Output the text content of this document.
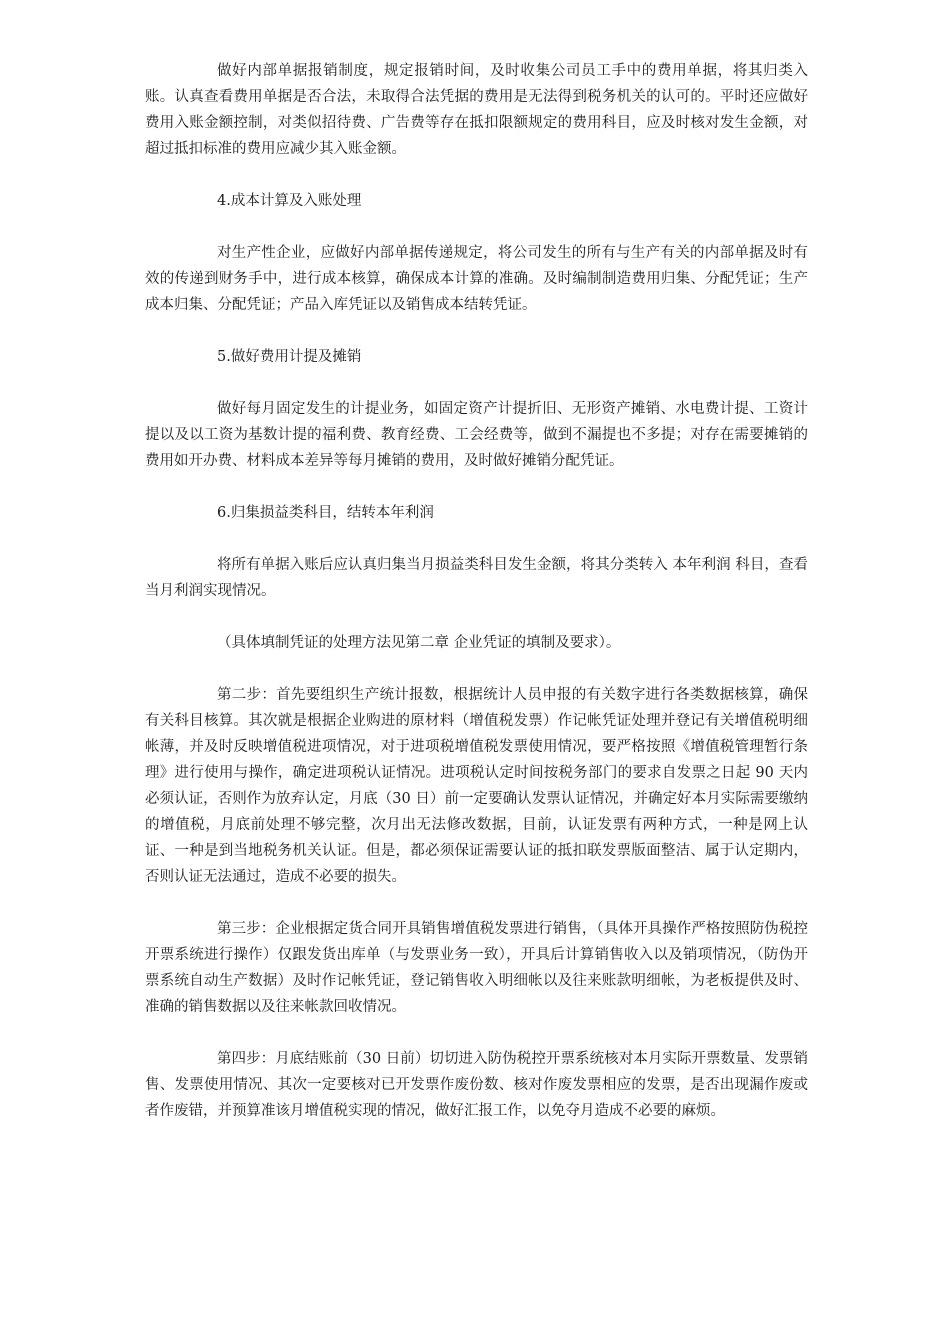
做好内部单据报销制度，规定报销时间，及时收集公司员工手中的费用单据，将其归类入账。认真查看费用单据是否合法，未取得合法凭据的费用是无法得到税务机关的认可的。平时还应做好费用入账金额控制，对类似招待费、广告费等存在抵扣限额规定的费用科目，应及时核对发生金额，对超过抵扣标准的费用应减少其入账金额。

4.成本计算及入账处理

对生产性企业，应做好内部单据传递规定，将公司发生的所有与生产有关的内部单据及时有效的传递到财务手中，进行成本核算，确保成本计算的准确。及时编制制造费用归集、分配凭证；生产成本归集、分配凭证；产品入库凭证以及销售成本结转凭证。

5.做好费用计提及摊销

做好每月固定发生的计提业务，如固定资产计提折旧、无形资产摊销、水电费计提、工资计提以及以工资为基数计提的福利费、教育经费、工会经费等，做到不漏提也不多提；对存在需要摊销的费用如开办费、材料成本差异等每月摊销的费用，及时做好摊销分配凭证。

6.归集损益类科目，结转本年利润

将所有单据入账后应认真归集当月损益类科目发生金额，将其分类转入 本年利润 科目，查看当月利润实现情况。

（具体填制凭证的处理方法见第二章 企业凭证的填制及要求）。

第二步：首先要组织生产统计报数，根据统计人员申报的有关数字进行各类数据核算，确保有关科目核算。其次就是根据企业购进的原材料（增值税发票）作记帐凭证处理并登记有关增值税明细帐薄，并及时反映增值税进项情况，对于进项税增值税发票使用情况，要严格按照《增值税管理暂行条理》进行使用与操作，确定进项税认证情况。进项税认定时间按税务部门的要求自发票之日起 90 天内必须认证，否则作为放弃认定，月底（30 日）前一定要确认发票认证情况，并确定好本月实际需要缴纳的增值税，月底前处理不够完整，次月出无法修改数据，目前，认证发票有两种方式，一种是网上认证、一种是到当地税务机关认证。但是，都必须保证需要认证的抵扣联发票版面整洁、属于认定期内，否则认证无法通过，造成不必要的损失。

第三步：企业根据定货合同开具销售增值税发票进行销售，（具体开具操作严格按照防伪税控开票系统进行操作）仅跟发货出库单（与发票业务一致），开具后计算销售收入以及销项情况，（防伪开票系统自动生产数据）及时作记帐凭证，登记销售收入明细帐以及往来账款明细帐，为老板提供及时、准确的销售数据以及往来帐款回收情况。

第四步：月底结账前（30 日前）切切进入防伪税控开票系统核对本月实际开票数量、发票销售、发票使用情况、其次一定要核对已开发票作废份数、核对作废发票相应的发票，是否出现漏作废或者作废错，并预算准该月增值税实现的情况，做好汇报工作，以免夺月造成不必要的麻烦。
